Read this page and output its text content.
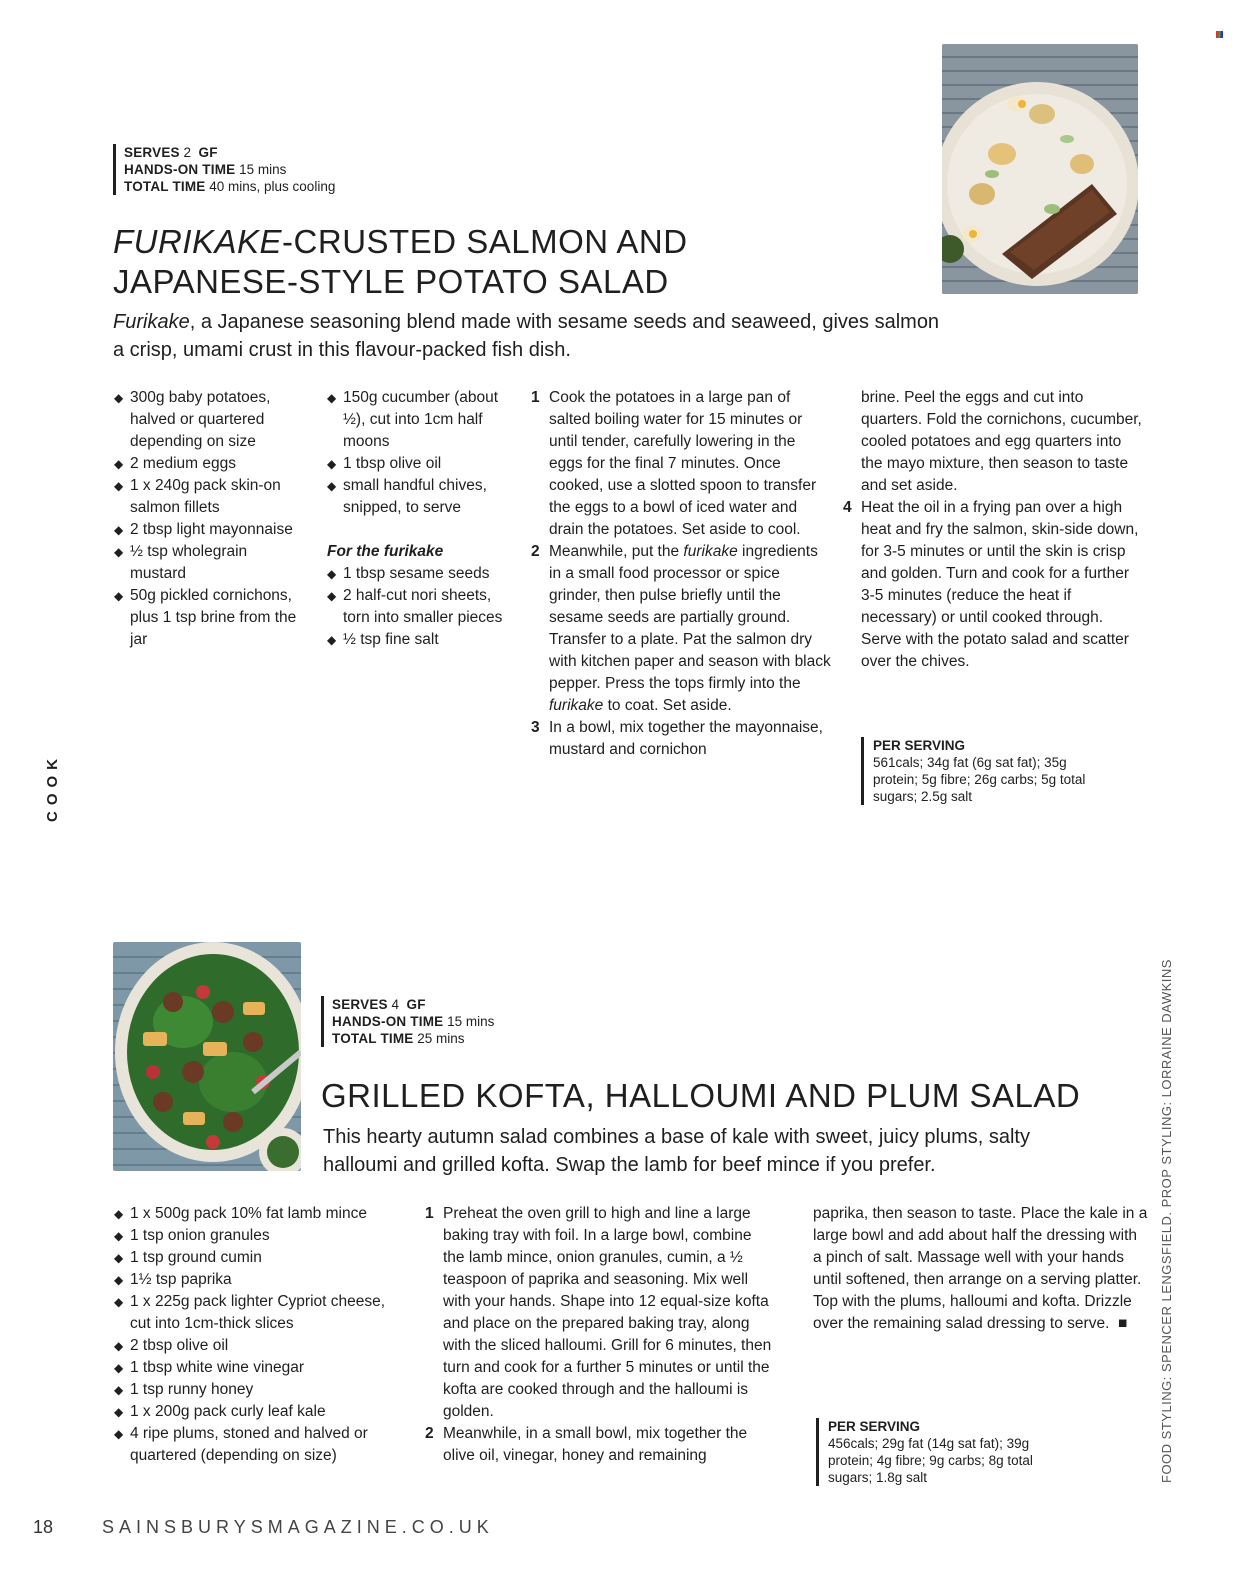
SERVES 2 GF
HANDS-ON TIME 15 mins
TOTAL TIME 40 mins, plus cooling
FURIKAKE-CRUSTED SALMON AND
JAPANESE-STYLE POTATO SALAD

Furikake, a Japanese seasoning blend made with sesame seeds and seaweed, gives salmon a crisp, umami crust in this flavour-packed fish dish.

◆ 300g baby potatoes, halved or quartered depending on size
◆ 2 medium eggs
◆ 1 x 240g pack skin-on salmon fillets
◆ 2 tbsp light mayonnaise
◆ ½ tsp wholegrain mustard
◆ 50g pickled cornichons, plus 1 tsp brine from the jar
◆ 150g cucumber (about ½), cut into 1cm half moons
◆ 1 tbsp olive oil
◆ small handful chives, snipped, to serve
For the furikake
◆ 1 tbsp sesame seeds
◆ 2 half-cut nori sheets, torn into smaller pieces
◆ ½ tsp fine salt
1 Cook the potatoes in a large pan of salted boiling water for 15 minutes or until tender, carefully lowering in the eggs for the final 7 minutes. Once cooked, use a slotted spoon to transfer the eggs to a bowl of iced water and drain the potatoes. Set aside to cool.
2 Meanwhile, put the furikake ingredients in a small food processor or spice grinder, then pulse briefly until the sesame seeds are partially ground. Transfer to a plate. Pat the salmon dry with kitchen paper and season with black pepper. Press the tops firmly into the furikake to coat. Set aside.
3 In a bowl, mix together the mayonnaise, mustard and cornichon
brine. Peel the eggs and cut into quarters. Fold the cornichons, cucumber, cooled potatoes and egg quarters into the mayo mixture, then season to taste and set aside.
4 Heat the oil in a frying pan over a high heat and fry the salmon, skin-side down, for 3-5 minutes or until the skin is crisp and golden. Turn and cook for a further 3-5 minutes (reduce the heat if necessary) or until cooked through. Serve with the potato salad and scatter over the chives.
PER SERVING
561cals; 34g fat (6g sat fat); 35g protein; 5g fibre; 26g carbs; 5g total sugars; 2.5g salt
COOK
SERVES 4 GF
HANDS-ON TIME 15 mins
TOTAL TIME 25 mins
GRILLED KOFTA, HALLOUMI AND PLUM SALAD

This hearty autumn salad combines a base of kale with sweet, juicy plums, salty halloumi and grilled kofta. Swap the lamb for beef mince if you prefer.

◆ 1 x 500g pack 10% fat lamb mince
◆ 1 tsp onion granules
◆ 1 tsp ground cumin
◆ 1½ tsp paprika
◆ 1 x 225g pack lighter Cypriot cheese, cut into 1cm-thick slices
◆ 2 tbsp olive oil
◆ 1 tbsp white wine vinegar
◆ 1 tsp runny honey
◆ 1 x 200g pack curly leaf kale
◆ 4 ripe plums, stoned and halved or quartered (depending on size)
1 Preheat the oven grill to high and line a large baking tray with foil. In a large bowl, combine the lamb mince, onion granules, cumin, a ½ teaspoon of paprika and seasoning. Mix well with your hands. Shape into 12 equal-size kofta and place on the prepared baking tray, along with the sliced halloumi. Grill for 6 minutes, then turn and cook for a further 5 minutes or until the kofta are cooked through and the halloumi is golden.
2 Meanwhile, in a small bowl, mix together the olive oil, vinegar, honey and remaining
paprika, then season to taste. Place the kale in a large bowl and add about half the dressing with a pinch of salt. Massage well with your hands until softened, then arrange on a serving platter. Top with the plums, halloumi and kofta. Drizzle over the remaining salad dressing to serve. ■
PER SERVING
456cals; 29g fat (14g sat fat); 39g protein; 4g fibre; 9g carbs; 8g total sugars; 1.8g salt	FOOD STYLING: SPENCER LENGSFIELD. PROP STYLING: LORRAINE DAWKINS
18	SAINSBURYSMAGAZINE.CO.UK
